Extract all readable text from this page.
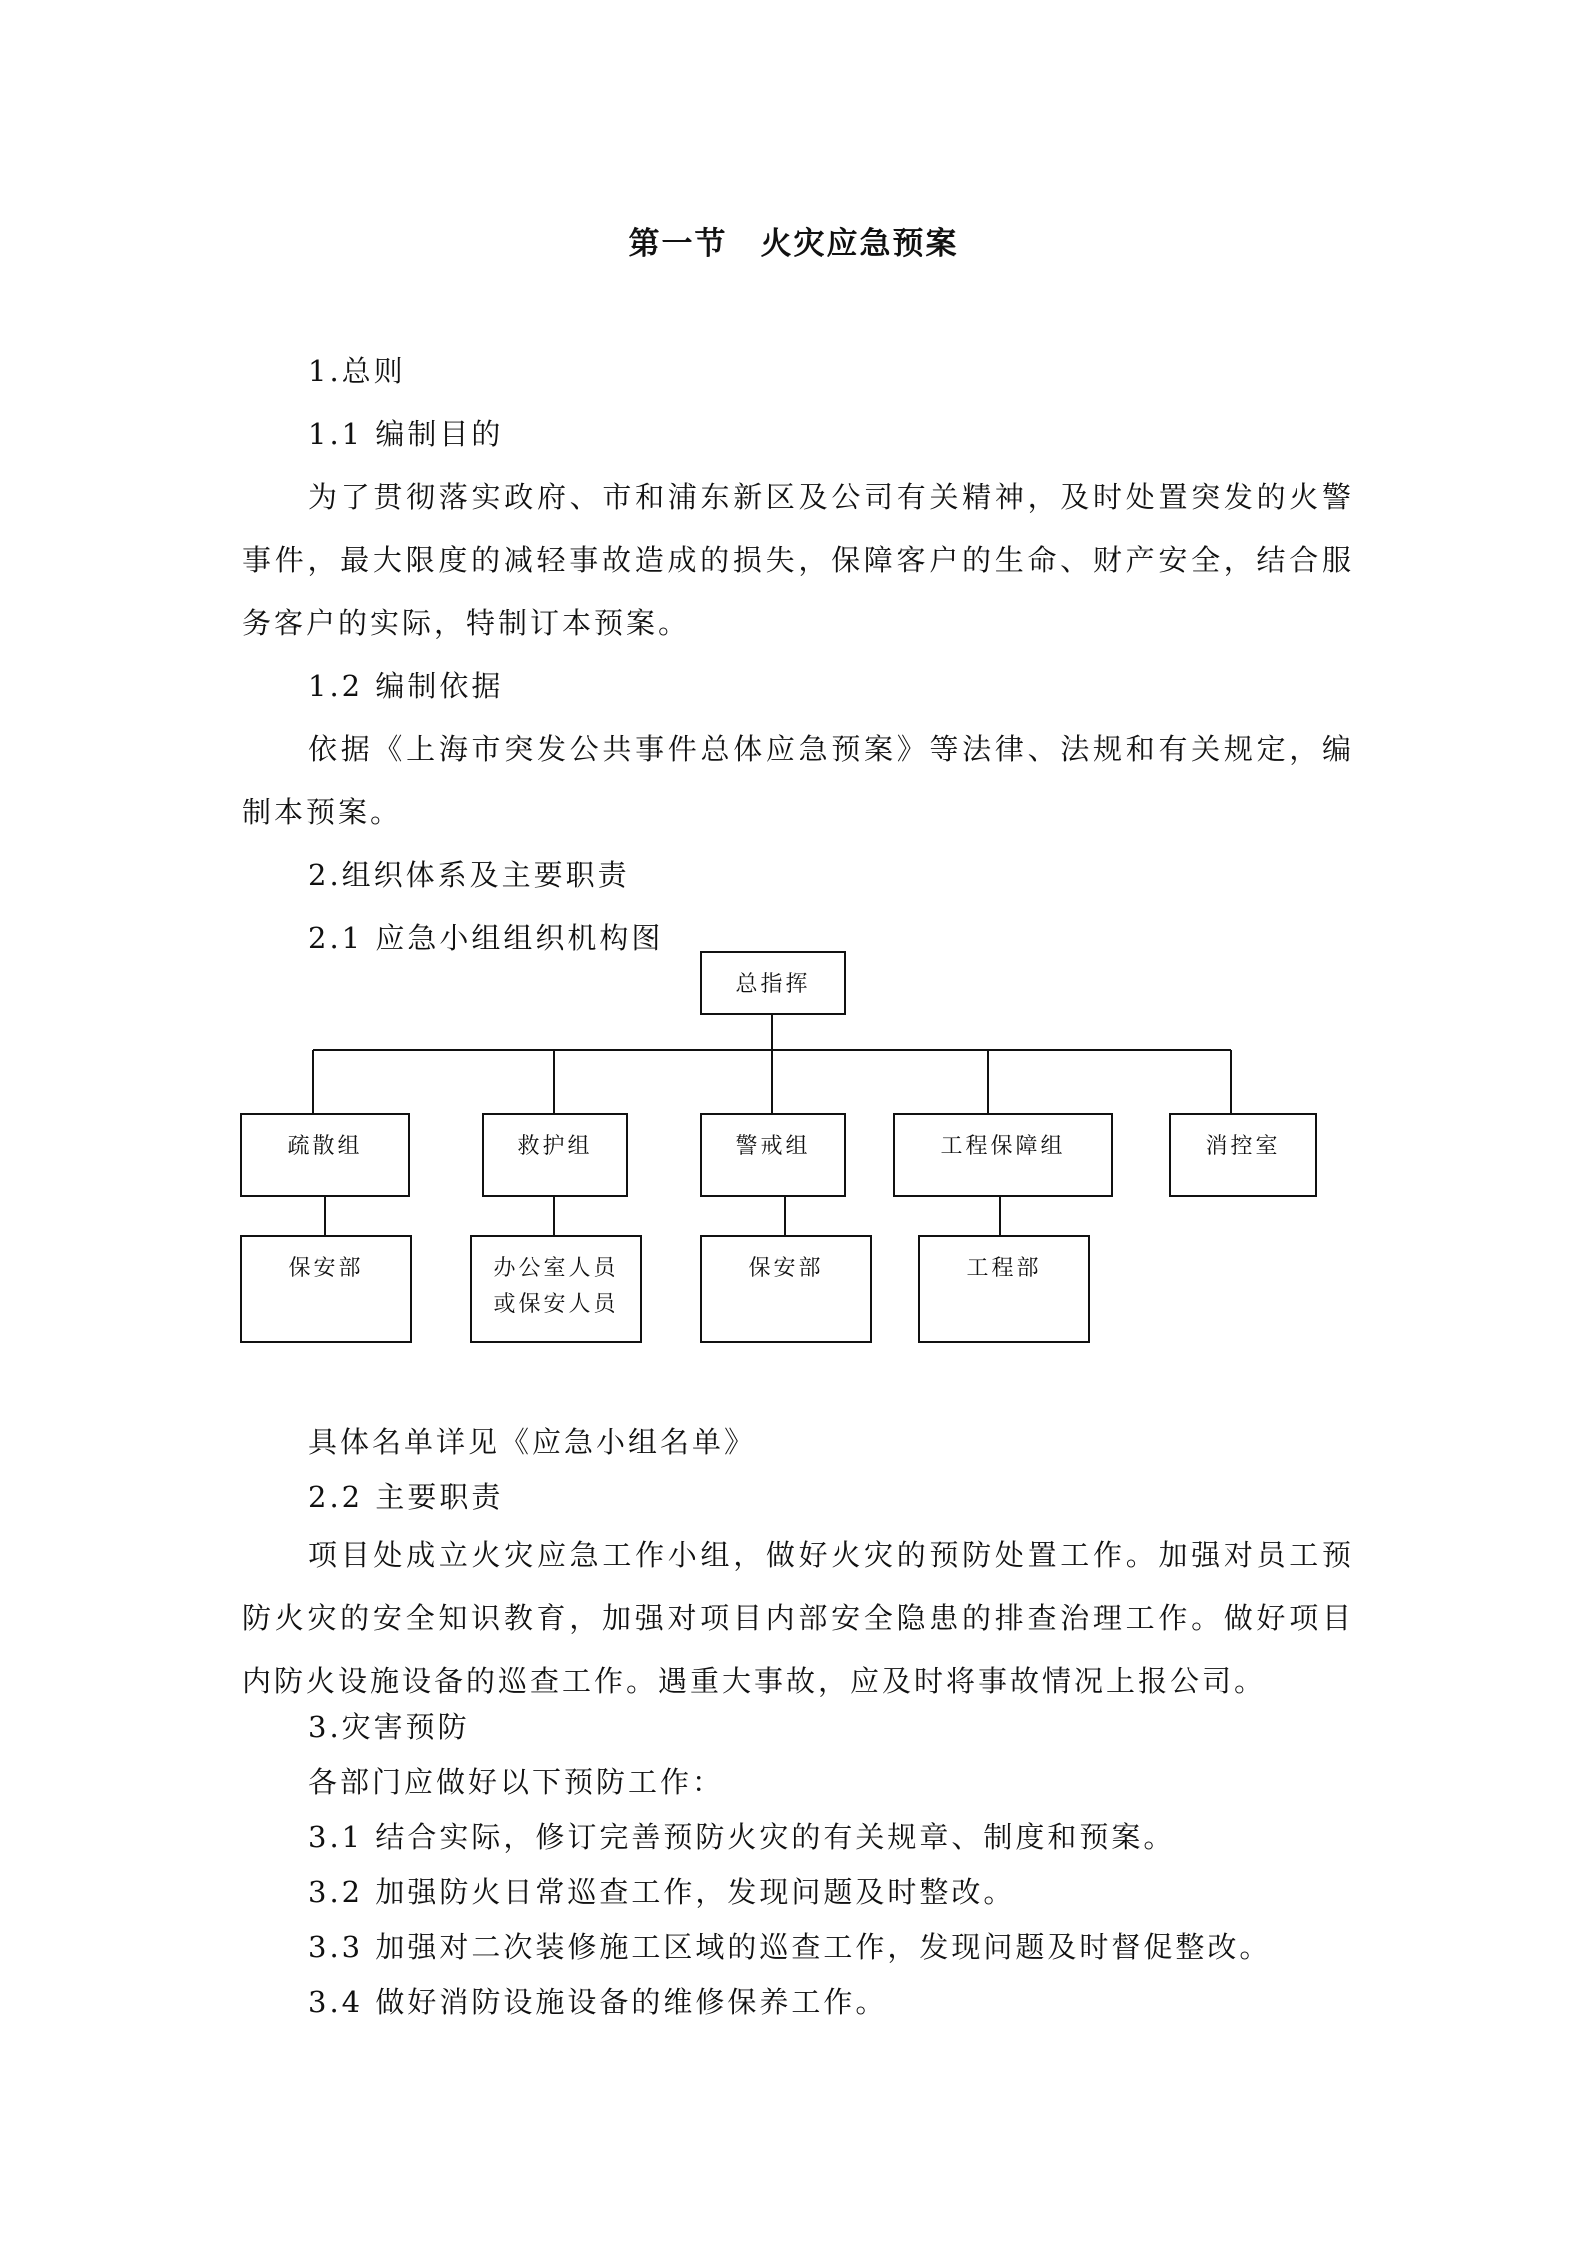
第一节　火灾应急预案

1.总则

1.1 编制目的

为了贯彻落实政府、市和浦东新区及公司有关精神，及时处置突发的火警事件，最大限度的减轻事故造成的损失，保障客户的生命、财产安全，结合服务客户的实际，特制订本预案。

1.2 编制依据

依据《上海市突发公共事件总体应急预案》等法律、法规和有关规定，编制本预案。

2.组织体系及主要职责

2.1 应急小组组织机构图

总指挥
疏散组	救护组	警戒组	工程保障组	消控室
保安部	办公室人员
或保安人员
保安部	工程部

具体名单详见《应急小组名单》

2.2 主要职责

项目处成立火灾应急工作小组，做好火灾的预防处置工作。加强对员工预防火灾的安全知识教育，加强对项目内部安全隐患的排查治理工作。做好项目内防火设施设备的巡查工作。遇重大事故，应及时将事故情况上报公司。

3.灾害预防

各部门应做好以下预防工作：

3.1 结合实际，修订完善预防火灾的有关规章、制度和预案。

3.2 加强防火日常巡查工作，发现问题及时整改。

3.3 加强对二次装修施工区域的巡查工作，发现问题及时督促整改。

3.4 做好消防设施设备的维修保养工作。
